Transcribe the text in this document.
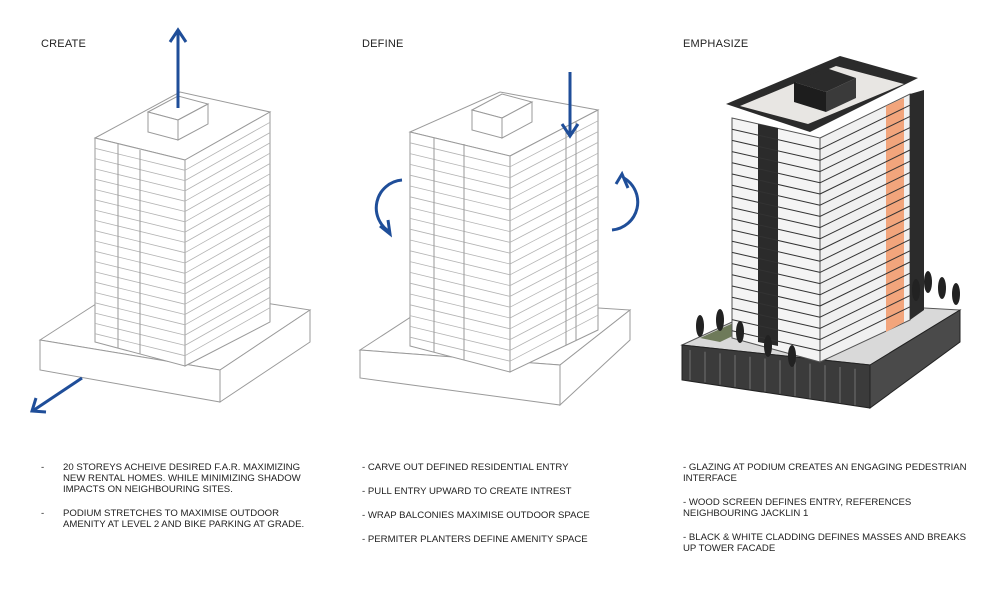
CREATE	DEFINE	EMPHASIZE
- 20 STOREYS ACHEIVE DESIRED F.A.R. MAXIMIZING NEW RENTAL HOMES. WHILE MINIMIZING SHADOW IMPACTS ON NEIGHBOURING SITES.
- PODIUM STRETCHES TO MAXIMISE OUTDOOR AMENITY AT LEVEL 2 AND BIKE PARKING AT GRADE.
- CARVE OUT DEFINED RESIDENTIAL ENTRY
- PULL ENTRY UPWARD TO CREATE INTREST
- WRAP BALCONIES MAXIMISE OUTDOOR SPACE
- PERMITER PLANTERS DEFINE AMENITY SPACE
- GLAZING AT PODIUM CREATES AN ENGAGING PEDESTRIAN INTERFACE
- WOOD SCREEN DEFINES ENTRY, REFERENCES NEIGHBOURING JACKLIN 1
- BLACK & WHITE CLADDING DEFINES MASSES AND BREAKS UP TOWER FACADE
